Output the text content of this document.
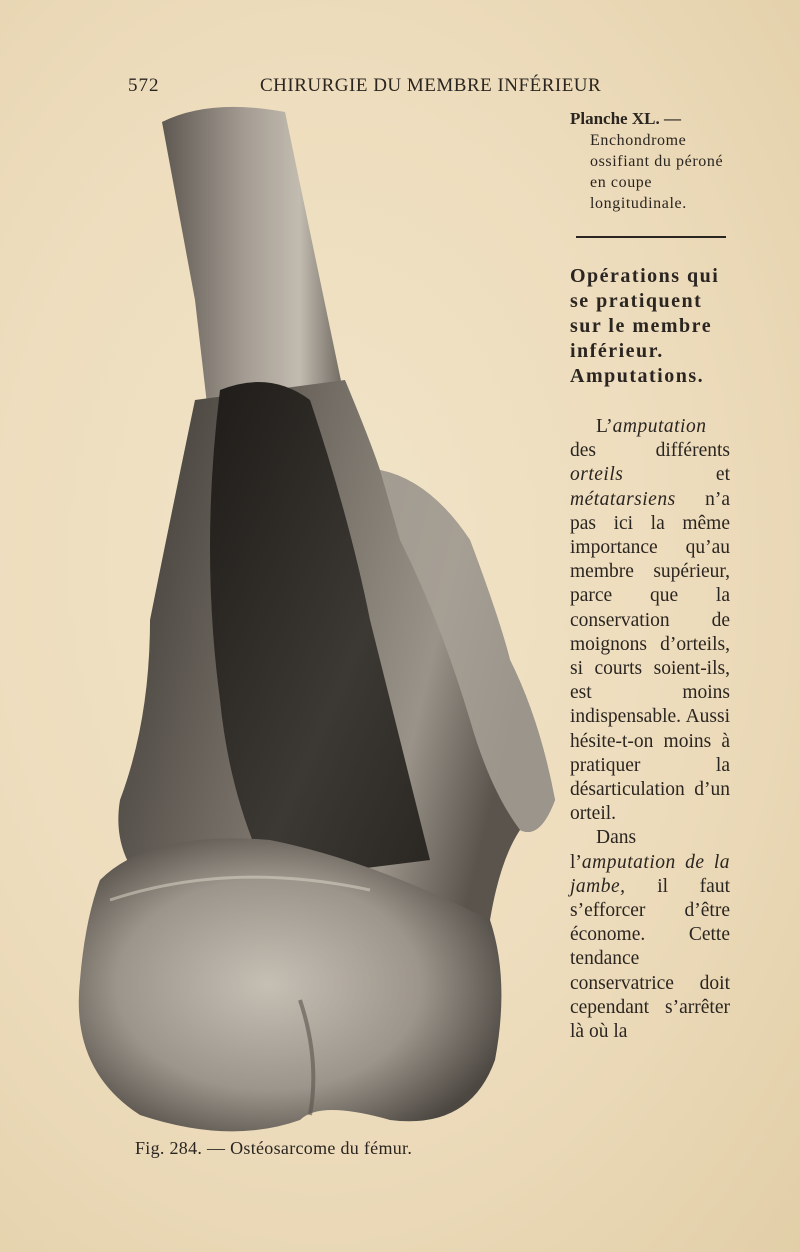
572	CHIRURGIE DU MEMBRE INFÉRIEUR
Fig. 284. — Ostéosarcome du fémur.

Planche XL. —

Enchondrome ossifiant du péroné en coupe longitudinale.

Opérations qui se pratiquent sur le membre inférieur. Amputations.

L’amputation des différents orteils et métatarsiens n’a pas ici la même importance qu’au membre supérieur, parce que la conservation de moignons d’orteils, si courts soient-ils, est moins indispensable. Aussi hésite-t-on moins à pratiquer la désarticulation d’un orteil.

Dans l’amputation de la jambe, il faut s’efforcer d’être économe. Cette tendance conservatrice doit cependant s’arrêter là où la
